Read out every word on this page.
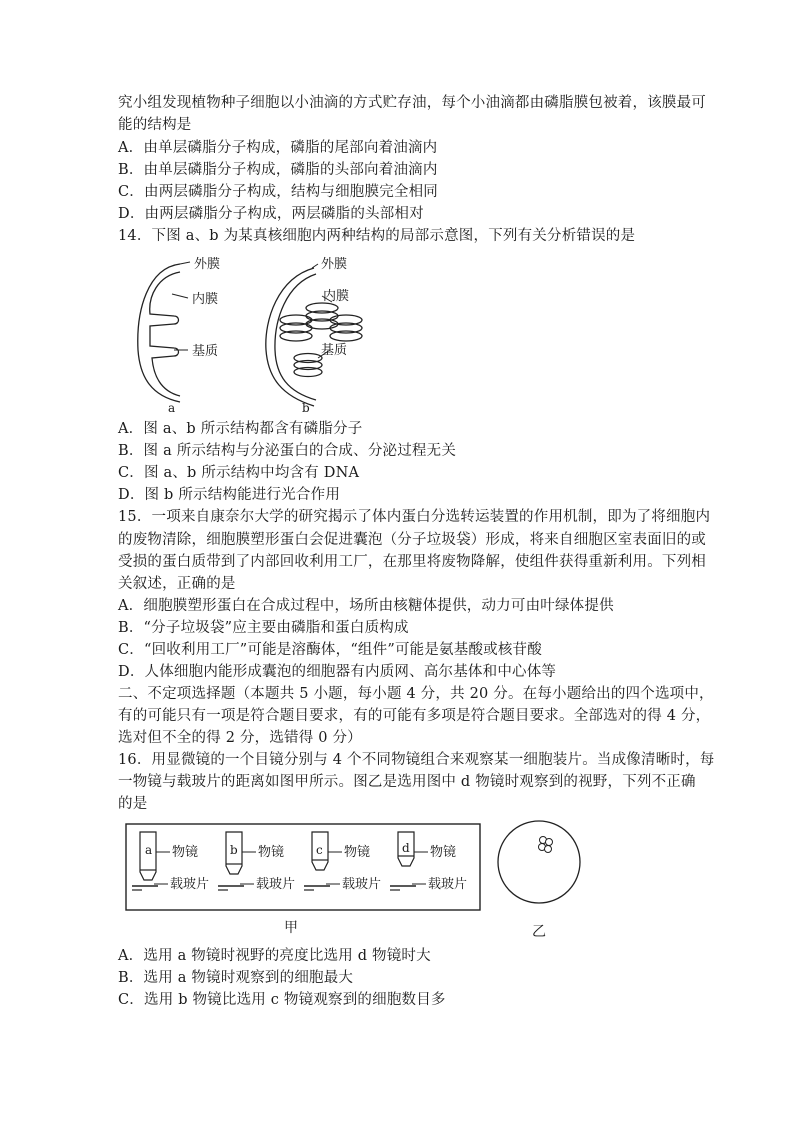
究小组发现植物种子细胞以小油滴的方式贮存油，每个小油滴都由磷脂膜包被着，该膜最可
能的结构是
A．由单层磷脂分子构成，磷脂的尾部向着油滴内
B．由单层磷脂分子构成，磷脂的头部向着油滴内
C．由两层磷脂分子构成，结构与细胞膜完全相同
D．由两层磷脂分子构成，两层磷脂的头部相对
14．下图 a、b 为某真核细胞内两种结构的局部示意图，下列有关分析错误的是
外膜
内膜
基质
a
外膜
内膜
基质
b
A．图 a、b 所示结构都含有磷脂分子
B．图 a 所示结构与分泌蛋白的合成、分泌过程无关
C．图 a、b 所示结构中均含有 DNA
D．图 b 所示结构能进行光合作用
15．一项来自康奈尔大学的研究揭示了体内蛋白分选转运装置的作用机制，即为了将细胞内
的废物清除，细胞膜塑形蛋白会促进囊泡（分子垃圾袋）形成，将来自细胞区室表面旧的或
受损的蛋白质带到了内部回收利用工厂，在那里将废物降解，使组件获得重新利用。下列相
关叙述，正确的是
A．细胞膜塑形蛋白在合成过程中，场所由核糖体提供，动力可由叶绿体提供
B．“分子垃圾袋”应主要由磷脂和蛋白质构成
C．“回收利用工厂”可能是溶酶体，“组件”可能是氨基酸或核苷酸
D．人体细胞内能形成囊泡的细胞器有内质网、高尔基体和中心体等
二、不定项选择题（本题共 5 小题，每小题 4 分，共 20 分。在每小题给出的四个选项中，
有的可能只有一项是符合题目要求，有的可能有多项是符合题目要求。全部选对的得 4 分，
选对但不全的得 2 分，选错得 0 分）
16．用显微镜的一个目镜分别与 4 个不同物镜组合来观察某一细胞装片。当成像清晰时，每
一物镜与载玻片的距离如图甲所示。图乙是选用图中 d 物镜时观察到的视野，下列不正确
的是
a 物镜
载玻片
b 物镜
载玻片
c 物镜
载玻片
d 物镜
载玻片
甲	乙
A．选用 a 物镜时视野的亮度比选用 d 物镜时大
B．选用 a 物镜时观察到的细胞最大
C．选用 b 物镜比选用 c 物镜观察到的细胞数目多
